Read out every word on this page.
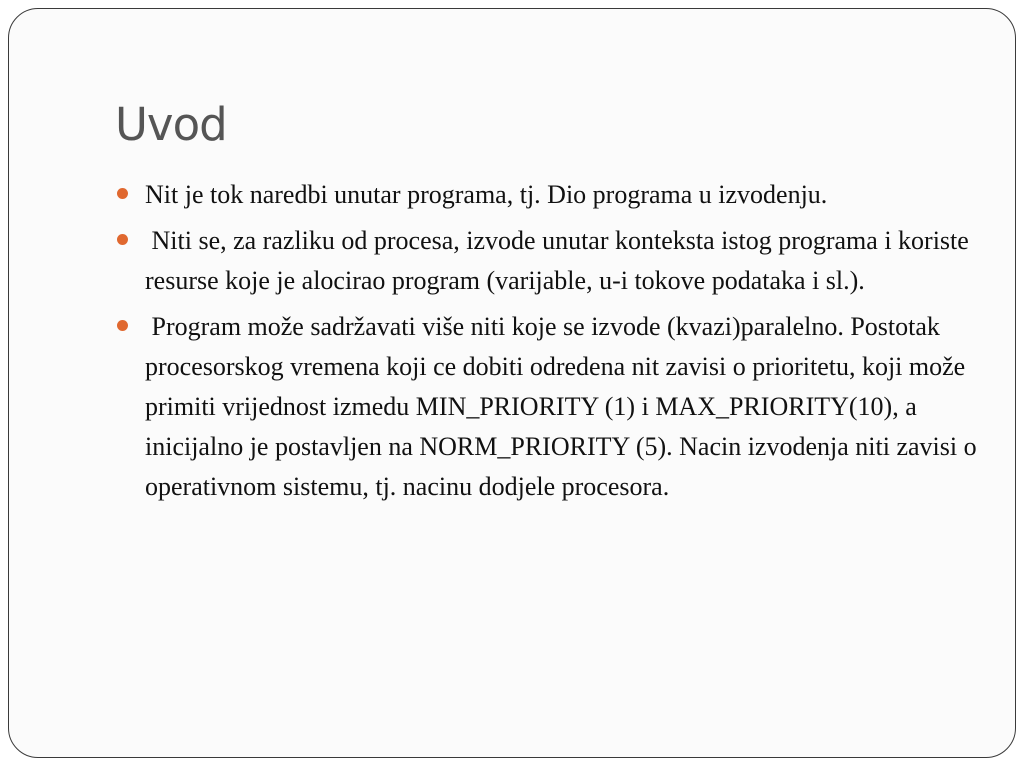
Uvod
Nit je tok naredbi unutar programa, tj. Dio programa u izvodenju.
Niti se, za razliku od procesa, izvode unutar konteksta istog programa i koriste resurse koje je alocirao program (varijable, u-i tokove podataka i sl.).
Program može sadržavati više niti koje se izvode (kvazi)paralelno. Postotak procesorskog vremena koji ce dobiti odredena nit zavisi o prioritetu, koji može primiti vrijednost izmedu MIN_PRIORITY (1) i MAX_PRIORITY(10), a inicijalno je postavljen na NORM_PRIORITY (5). Nacin izvodenja niti zavisi o operativnom sistemu, tj. nacinu dodjele procesora.
